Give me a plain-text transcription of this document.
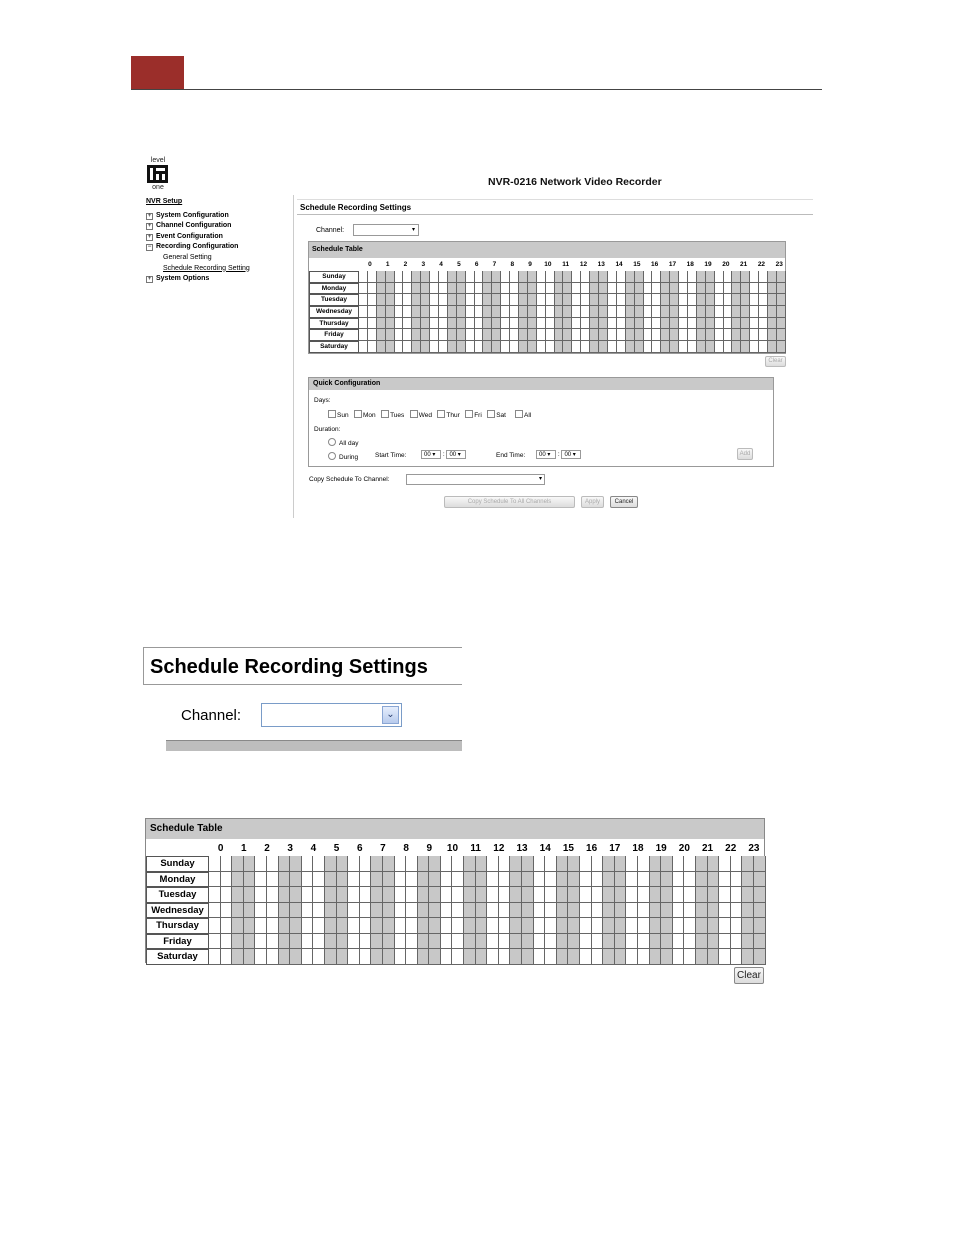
level
one	NVR-0216 Network Video Recorder
NVR Setup
+ System Configuration
+ Channel Configuration
+ Event Configuration
− Recording Configuration
General Setting
Schedule Recording Setting
+ System Options
Schedule Recording Settings
Channel:	▾
Schedule Table
0	1	2	3	4	5	6	7	8	9	10	11	12	13	14	15	16	17	18	19	20	21	22	23
Sunday
Monday
Tuesday
Wednesday
Thursday
Friday
Saturday
Clear
Quick Configuration
Days:
Sun Mon Tues Wed Thur Fri Sat	All
Duration:
All day
During	Start Time:	00 ▾ : 00 ▾	End Time:	00 ▾ : 00 ▾	Add
Copy Schedule To Channel:	▾
Copy Schedule To All Channels	Apply	Cancel
Schedule Recording Settings
Channel:	⌄
Schedule Table
0	1	2	3	4	5	6	7	8	9	10	11	12	13	14	15	16	17	18	19	20	21	22	23
Sunday
Monday
Tuesday
Wednesday
Thursday
Friday
Saturday
Clear
